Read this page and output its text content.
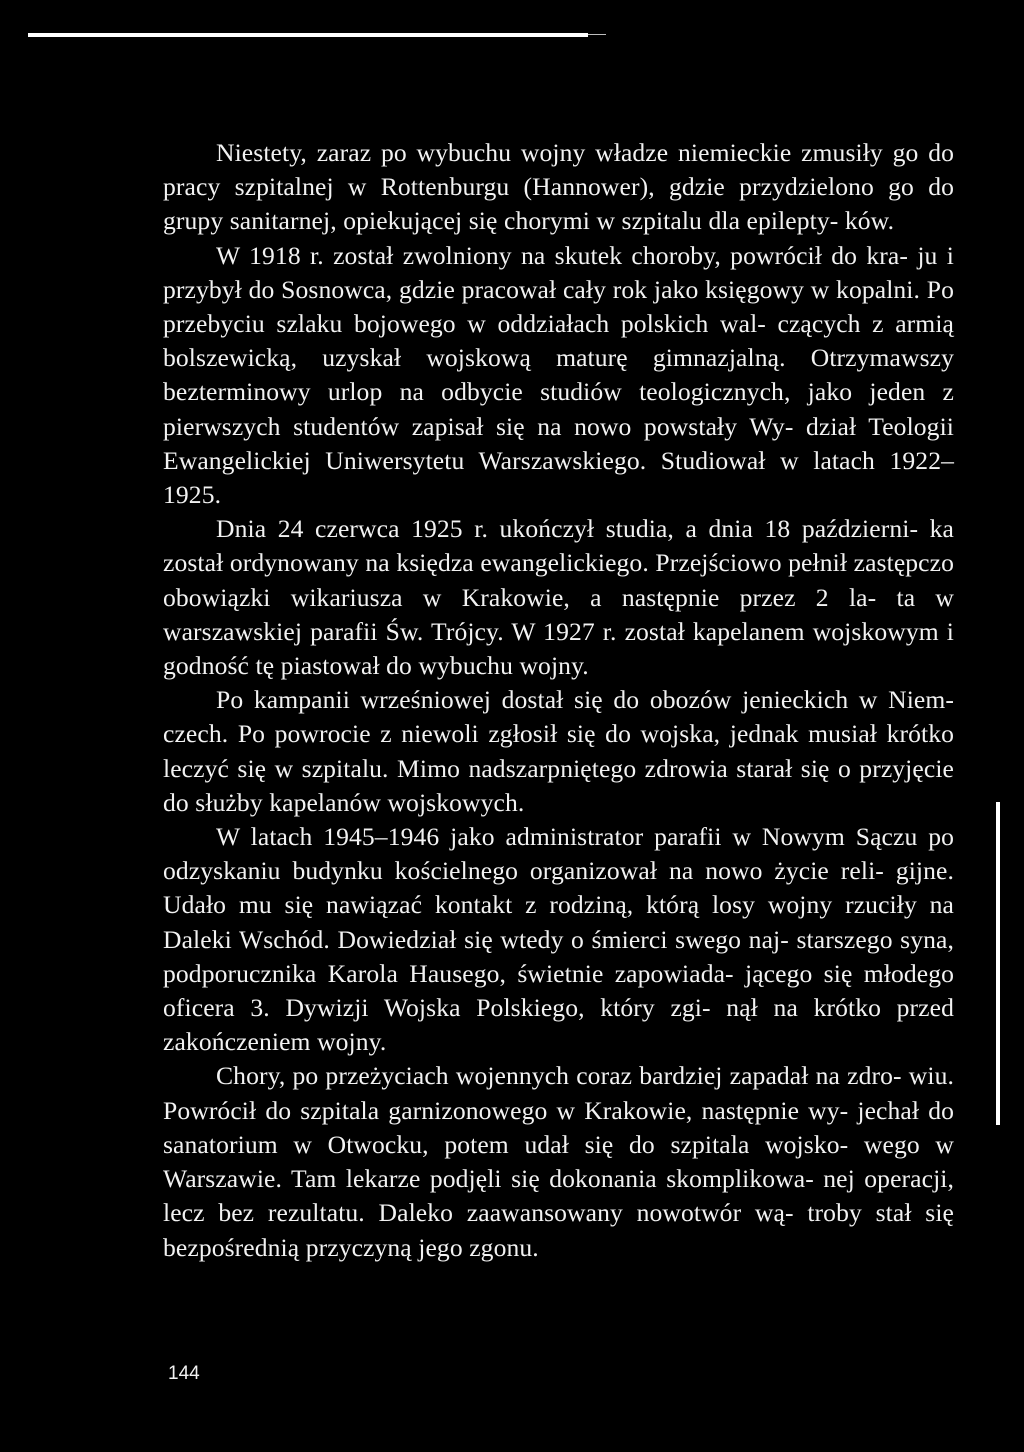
Niestety, zaraz po wybuchu wojny władze niemieckie zmusiły go do pracy szpitalnej w Rottenburgu (Hannower), gdzie przydzielono go do grupy sanitarnej, opiekującej się chorymi w szpitalu dla epilepty- ków.

W 1918 r. został zwolniony na skutek choroby, powrócił do kra- ju i przybył do Sosnowca, gdzie pracował cały rok jako księgowy w kopalni. Po przebyciu szlaku bojowego w oddziałach polskich wal- czących z armią bolszewicką, uzyskał wojskową maturę gimnazjalną. Otrzymawszy bezterminowy urlop na odbycie studiów teologicznych, jako jeden z pierwszych studentów zapisał się na nowo powstały Wy- dział Teologii Ewangelickiej Uniwersytetu Warszawskiego. Studiował w latach 1922–1925.

Dnia 24 czerwca 1925 r. ukończył studia, a dnia 18 październi- ka został ordynowany na księdza ewangelickiego. Przejściowo pełnił zastępczo obowiązki wikariusza w Krakowie, a następnie przez 2 la- ta w warszawskiej parafii Św. Trójcy. W 1927 r. został kapelanem wojskowym i godność tę piastował do wybuchu wojny.

Po kampanii wrześniowej dostał się do obozów jenieckich w Niem- czech. Po powrocie z niewoli zgłosił się do wojska, jednak musiał krótko leczyć się w szpitalu. Mimo nadszarpniętego zdrowia starał się o przyjęcie do służby kapelanów wojskowych.

W latach 1945–1946 jako administrator parafii w Nowym Sączu po odzyskaniu budynku kościelnego organizował na nowo życie reli- gijne. Udało mu się nawiązać kontakt z rodziną, którą losy wojny rzuciły na Daleki Wschód. Dowiedział się wtedy o śmierci swego naj- starszego syna, podporucznika Karola Hausego, świetnie zapowiada- jącego się młodego oficera 3. Dywizji Wojska Polskiego, który zgi- nął na krótko przed zakończeniem wojny.

Chory, po przeżyciach wojennych coraz bardziej zapadał na zdro- wiu. Powrócił do szpitala garnizonowego w Krakowie, następnie wy- jechał do sanatorium w Otwocku, potem udał się do szpitala wojsko- wego w Warszawie. Tam lekarze podjęli się dokonania skomplikowa- nej operacji, lecz bez rezultatu. Daleko zaawansowany nowotwór wą- troby stał się bezpośrednią przyczyną jego zgonu.

144
